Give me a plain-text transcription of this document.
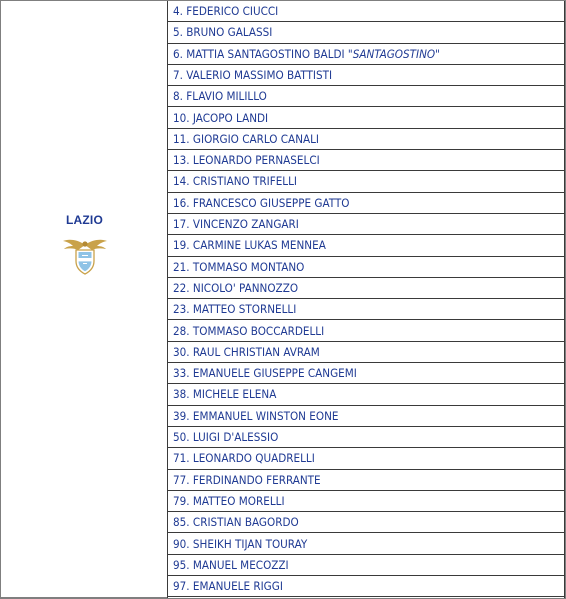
LAZIO
4. FEDERICO CIUCCI
5. BRUNO GALASSI
6. MATTIA SANTAGOSTINO BALDI "SANTAGOSTINO"
7. VALERIO MASSIMO BATTISTI
8. FLAVIO MILILLO
10. JACOPO LANDI
11. GIORGIO CARLO CANALI
13. LEONARDO PERNASELCI
14. CRISTIANO TRIFELLI
16. FRANCESCO GIUSEPPE GATTO
17. VINCENZO ZANGARI
19. CARMINE LUKAS MENNEA
21. TOMMASO MONTANO
22. NICOLO' PANNOZZO
23. MATTEO STORNELLI
28. TOMMASO BOCCARDELLI
30. RAUL CHRISTIAN AVRAM
33. EMANUELE GIUSEPPE CANGEMI
38. MICHELE ELENA
39. EMMANUEL WINSTON EONE
50. LUIGI D'ALESSIO
71. LEONARDO QUADRELLI
77. FERDINANDO FERRANTE
79. MATTEO MORELLI
85. CRISTIAN BAGORDO
90. SHEIKH TIJAN TOURAY
95. MANUEL MECOZZI
97. EMANUELE RIGGI
